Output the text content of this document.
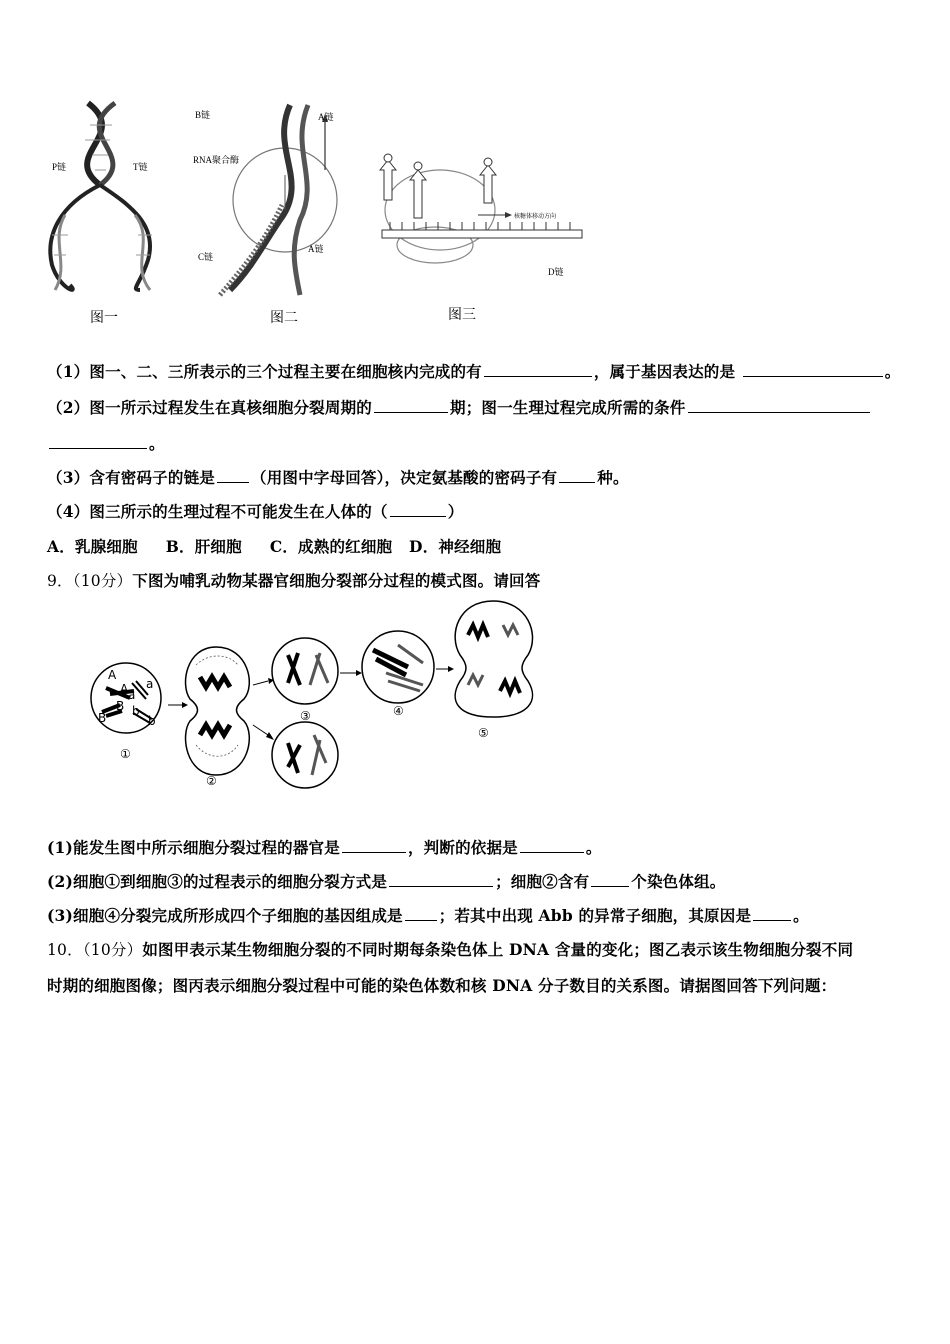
P链	T链
图一
B链	A链
RNA聚合酶
C链
A链
图二
核糖体移动方向
D链
图三
（1）图一、二、三所表示的三个过程主要在细胞核内完成的有	，属于基因表达的是	。
（2）图一所示过程发生在真核细胞分裂周期的	期；图一生理过程完成所需的条件
。
（3）含有密码子的链是 （用图中字母回答），决定氨基酸的密码子有	种。
（4）图三所示的生理过程不可能发生在人体的（	）
A．乳腺细胞 B．肝细胞 C．成熟的红细胞 D．神经细胞
9．（10分）下图为哺乳动物某器官细胞分裂部分过程的模式图。请回答
A
A a
a
B
B b
b
①
②
③	④
⑤
(1)能发生图中所示细胞分裂过程的器官是	，判断的依据是	。
(2)细胞①到细胞③的过程表示的细胞分裂方式是	；细胞②含有	个染色体组。
(3)细胞④分裂完成所形成四个子细胞的基因组成是 ；若其中出现 Abb 的异常子细胞，其原因是	。
10．（10分）如图甲表示某生物细胞分裂的不同时期每条染色体上 DNA 含量的变化；图乙表示该生物细胞分裂不同
时期的细胞图像；图丙表示细胞分裂过程中可能的染色体数和核 DNA 分子数目的关系图。请据图回答下列问题：
